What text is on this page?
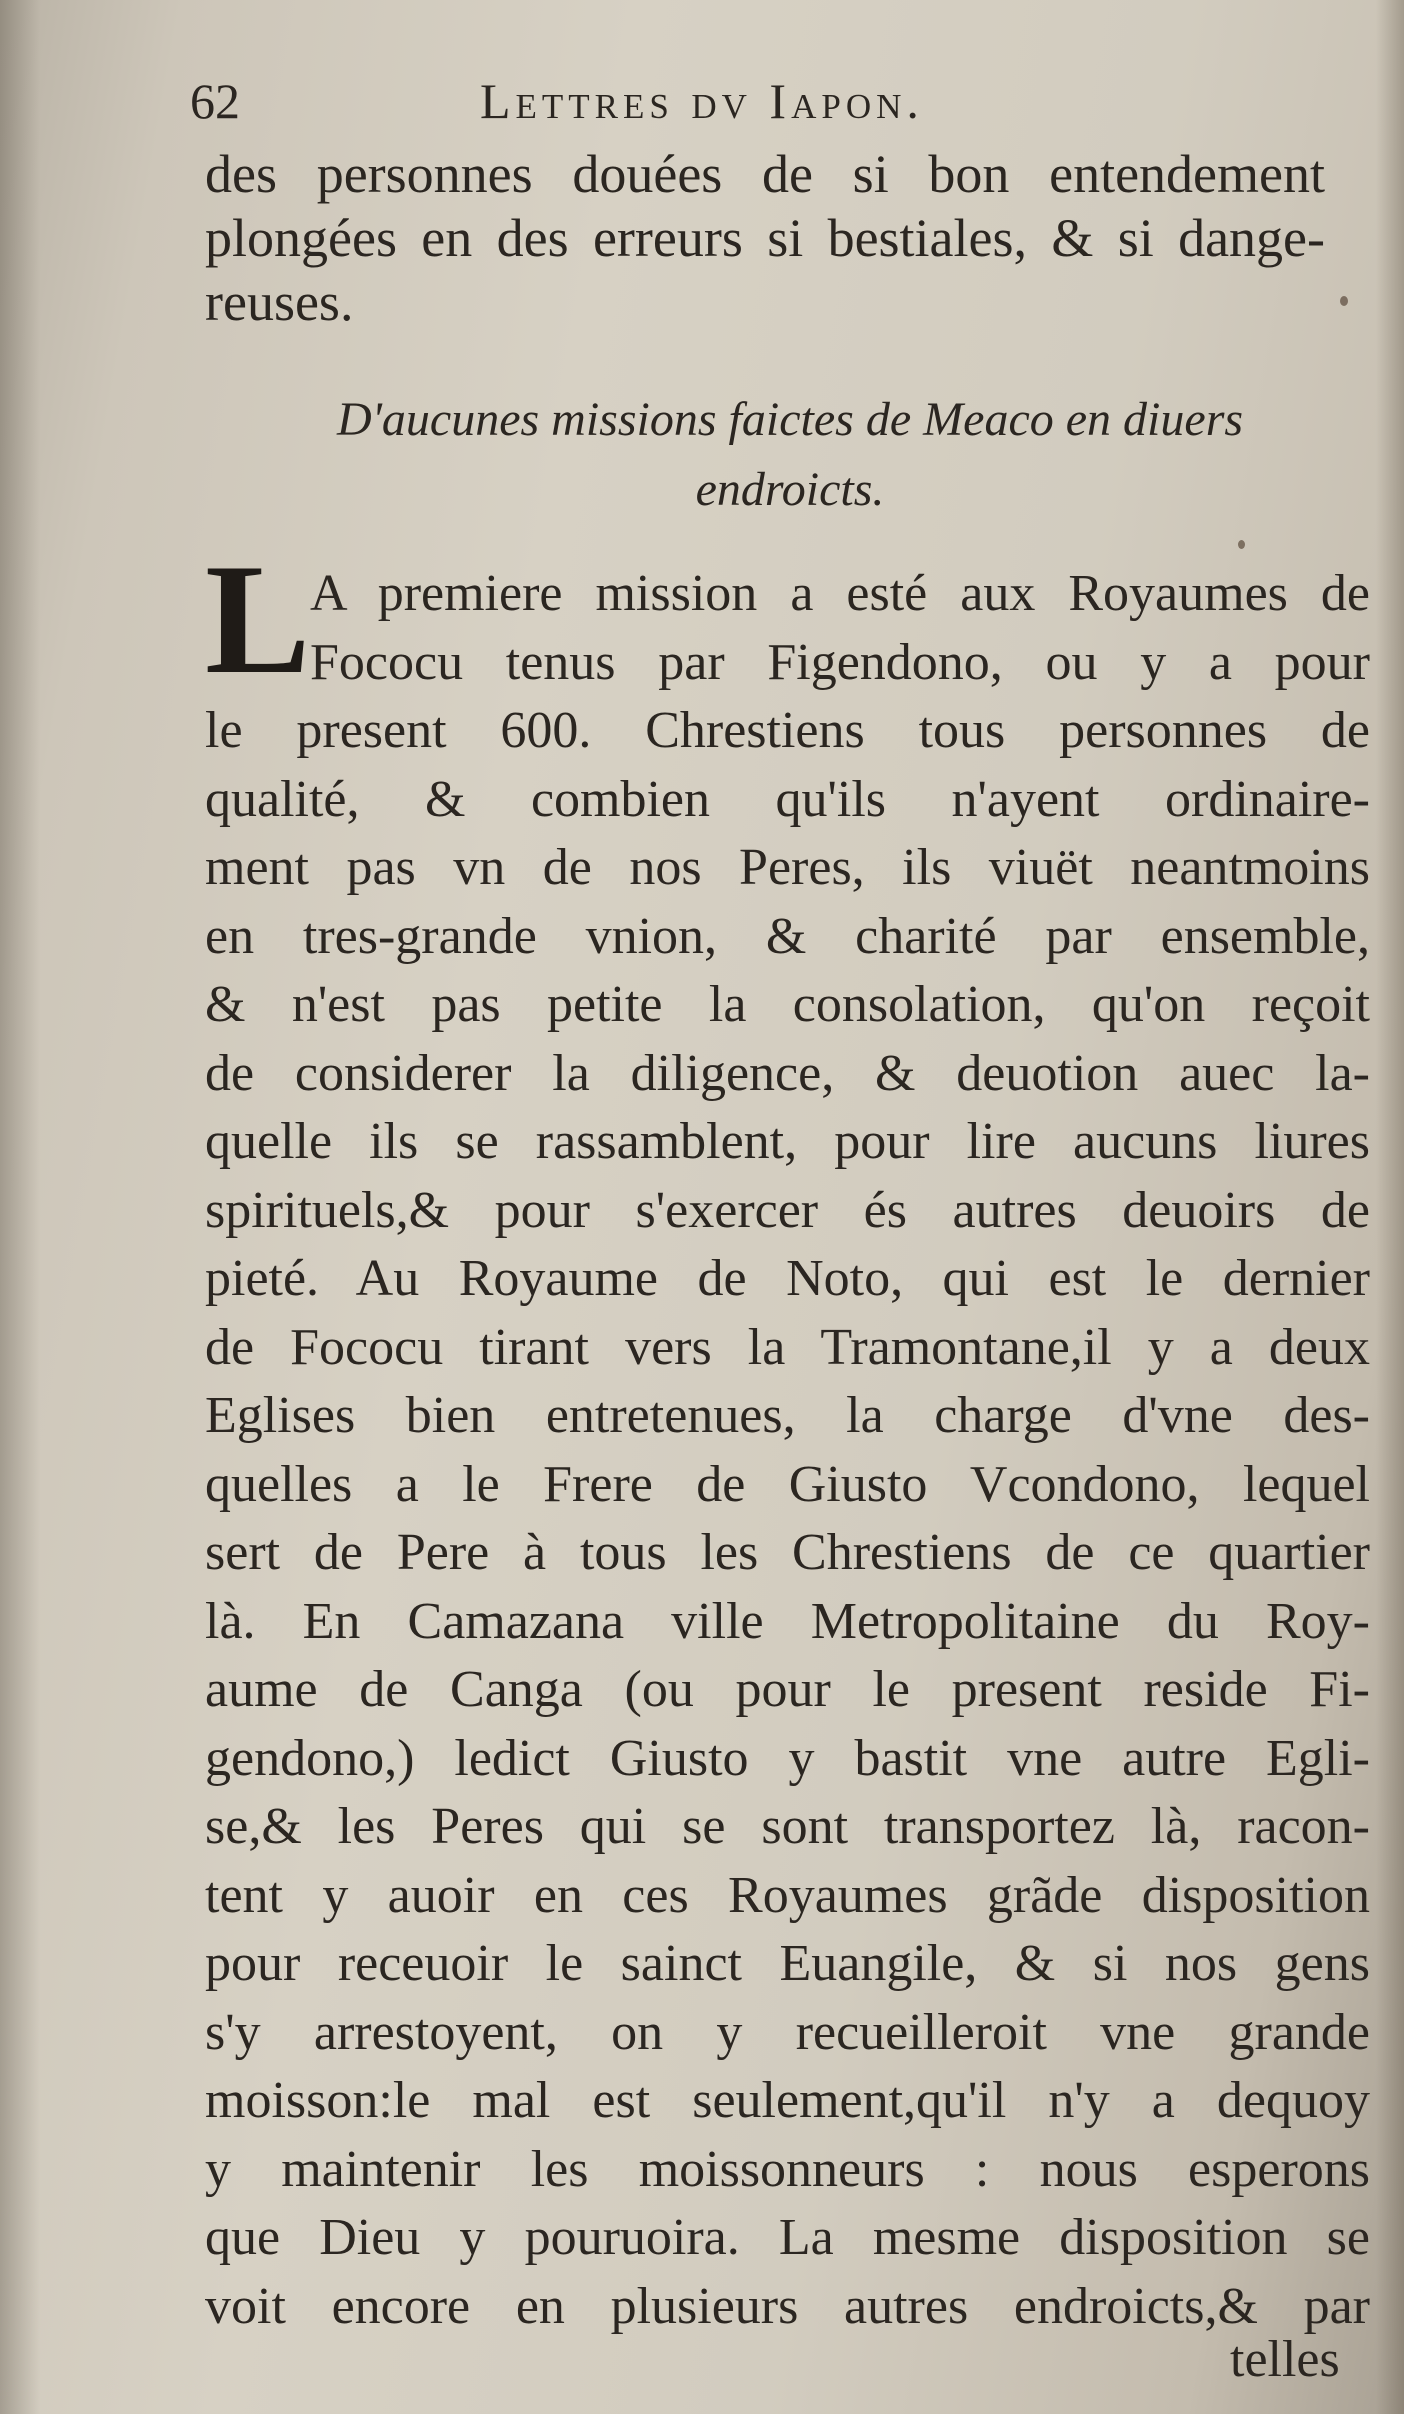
62	Lettres dv Iapon.
des personnes douées de si bon entendement
plongées en des erreurs si bestiales, & si dange-
reuses.
D'aucunes missions faictes de Meaco en diuers
endroicts.
L A premiere mission a esté aux Royaumes de
Fococu tenus par Figendono, ou y a pour
le present 600. Chrestiens tous personnes de
qualité, & combien qu'ils n'ayent ordinaire-
ment pas vn de nos Peres, ils viuët neantmoins
en tres-grande vnion, & charité par ensemble,
& n'est pas petite la consolation, qu'on reçoit
de considerer la diligence, & deuotion auec la-
quelle ils se rassamblent, pour lire aucuns liures
spirituels,& pour s'exercer és autres deuoirs de
pieté. Au Royaume de Noto, qui est le dernier
de Fococu tirant vers la Tramontane,il y a deux
Eglises bien entretenues, la charge d'vne des-
quelles a le Frere de Giusto Vcondono, lequel
sert de Pere à tous les Chrestiens de ce quartier
là. En Camazana ville Metropolitaine du Roy-
aume de Canga (ou pour le present reside Fi-
gendono,) ledict Giusto y bastit vne autre Egli-
se,& les Peres qui se sont transportez là, racon-
tent y auoir en ces Royaumes grãde disposition
pour receuoir le sainct Euangile, & si nos gens
s'y arrestoyent, on y recueilleroit vne grande
moisson:le mal est seulement,qu'il n'y a dequoy
y maintenir les moissonneurs : nous esperons
que Dieu y pouruoira. La mesme disposition se
voit encore en plusieurs autres endroicts,& par
telles
